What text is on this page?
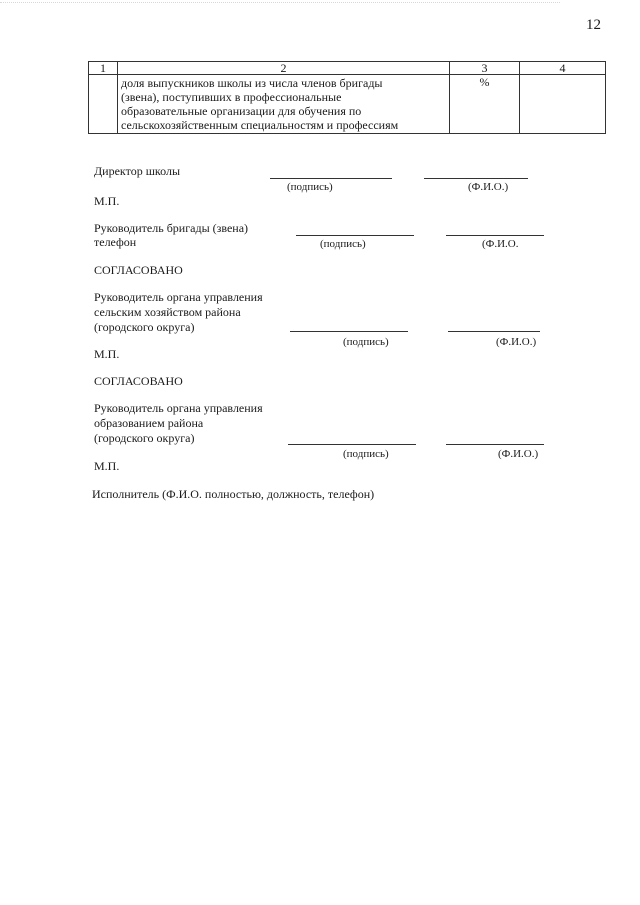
12
1	2	3	4

	доля выпускников школы из числа членов бригады
(звена), поступивших в профессиональные
образовательные организации для обучения по
сельскохозяйственным специальностям и профессиям	%	
Директор школы
(подпись)	(Ф.И.О.)
М.П.
Руководитель бригады (звена)
телефон	(подпись)	(Ф.И.О.
СОГЛАСОВАНО
Руководитель органа управления
сельским хозяйством района
(городского округа)
(подпись)	(Ф.И.О.)
М.П.
СОГЛАСОВАНО
Руководитель органа управления
образованием района
(городского округа)
(подпись)	(Ф.И.О.)
М.П.
Исполнитель (Ф.И.О. полностью, должность, телефон)
